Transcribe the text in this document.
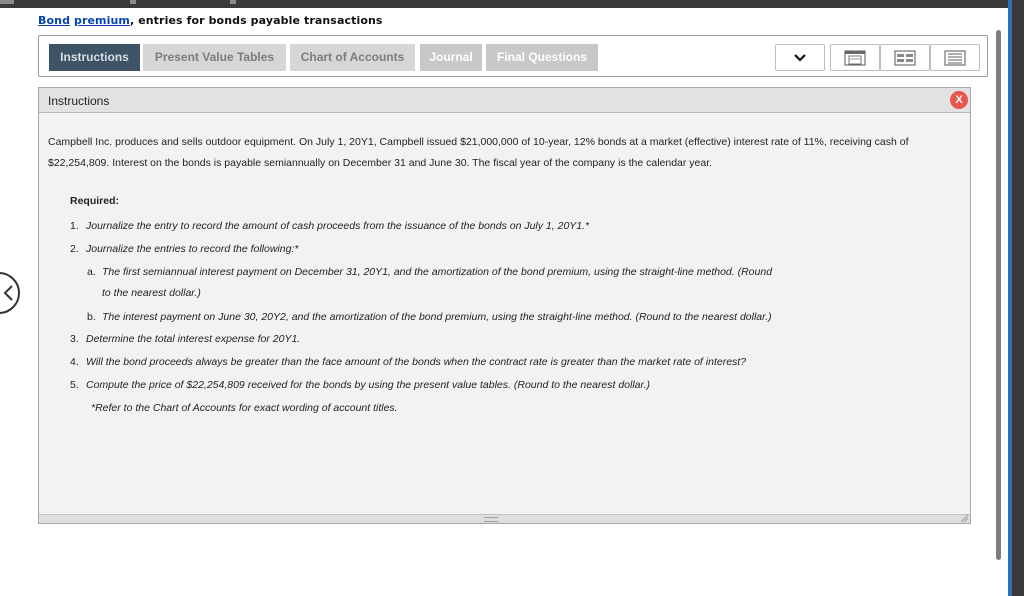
Bond premium, entries for bonds payable transactions
Instructions	Present Value Tables	Chart of Accounts	Journal	Final Questions
Instructions	X

Campbell Inc. produces and sells outdoor equipment. On July 1, 20Y1, Campbell issued $21,000,000 of 10-year, 12% bonds at a market (effective) interest rate of 11%, receiving cash of $22,254,809. Interest on the bonds is payable semiannually on December 31 and June 30. The fiscal year of the company is the calendar year.

Required:
1. Journalize the entry to record the amount of cash proceeds from the issuance of the bonds on July 1, 20Y1.*
2. Journalize the entries to record the following:*
a. The first semiannual interest payment on December 31, 20Y1, and the amortization of the bond premium, using the straight-line method. (Round to the nearest dollar.)
b. The interest payment on June 30, 20Y2, and the amortization of the bond premium, using the straight-line method. (Round to the nearest dollar.)
3. Determine the total interest expense for 20Y1.
4. Will the bond proceeds always be greater than the face amount of the bonds when the contract rate is greater than the market rate of interest?
5. Compute the price of $22,254,809 received for the bonds by using the present value tables. (Round to the nearest dollar.)
*Refer to the Chart of Accounts for exact wording of account titles.
